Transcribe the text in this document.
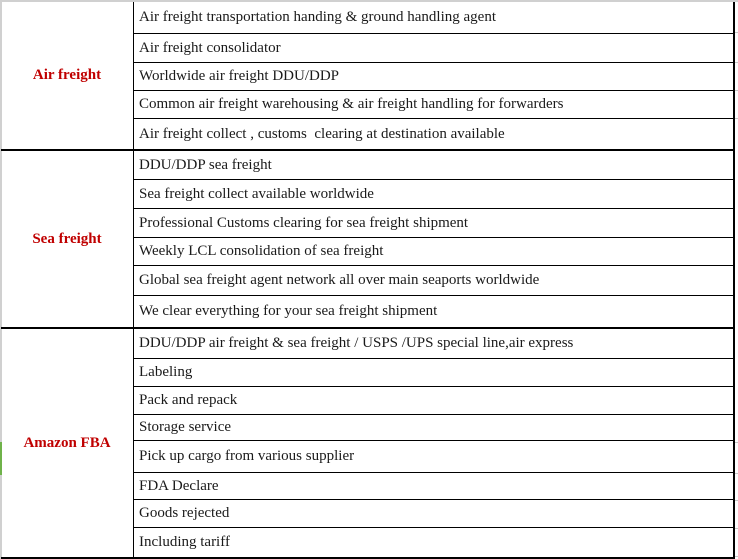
Air freight
Air freight transportation handing & ground handling agent
Air freight consolidator
Worldwide air freight DDU/DDP
Common air freight warehousing & air freight handling for forwarders
Air freight collect , customs  clearing at destination available
Sea freight
DDU/DDP sea freight
Sea freight collect available worldwide
Professional Customs clearing for sea freight shipment
Weekly LCL consolidation of sea freight
Global sea freight agent network all over main seaports worldwide
We clear everything for your sea freight shipment
Amazon FBA
DDU/DDP air freight & sea freight / USPS /UPS special line,air express
Labeling
Pack and repack
Storage service
Pick up cargo from various supplier
FDA Declare
Goods rejected
Including tariff
